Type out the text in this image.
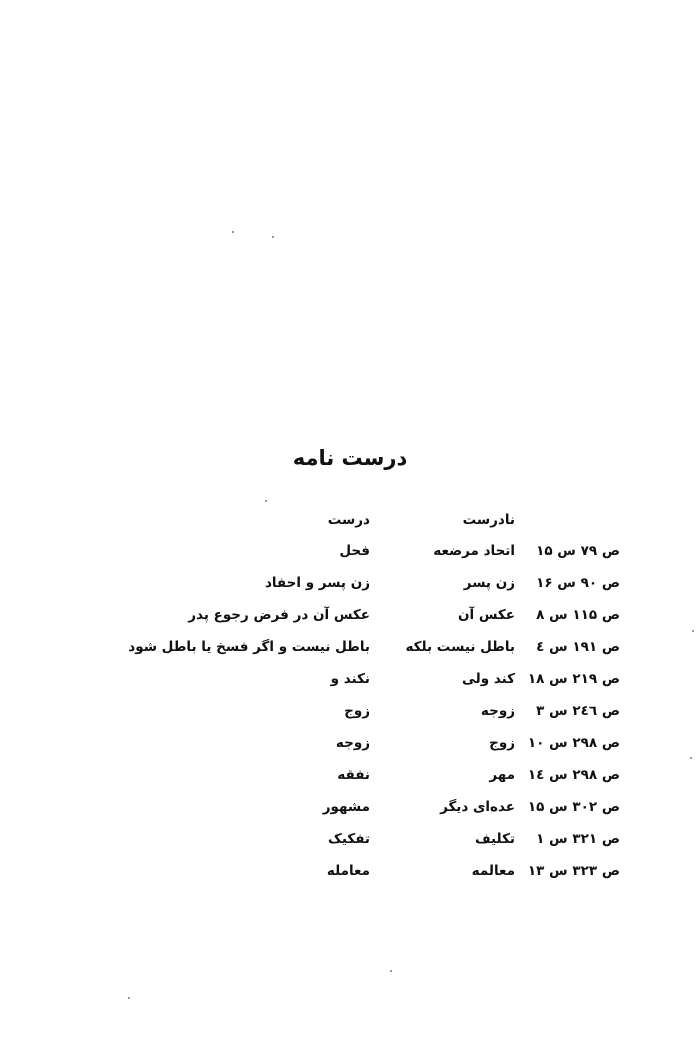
درست نامه
نادرست
درست
ص ۷۹ س ۱۵
اتحاد مرضعه
فحل
ص ۹۰ س ۱۶
زن پسر
زن پسر و احفاد
ص ۱۱۵ س ۸
عکس آن
عکس آن در فرض رجوع پدر
ص ۱۹۱ س ٤
باطل نیست بلکه
باطل نیست و اگر فسخ یا باطل شود
ص ۲۱۹ س ۱۸
کند ولی
نکند و
ص ۲٤٦ س ۳
زوجه
زوج
ص ۲۹۸ س ۱۰
زوج
زوجه
ص ۲۹۸ س ١٤
مهر
نفقه
ص ۳۰۲ س ۱۵
عده‌ای دیگر
مشهور
ص ۳۲۱ س ۱
تکلیف
تفکیک
ص ۳۲۳ س ۱۳
معالمه
معامله
